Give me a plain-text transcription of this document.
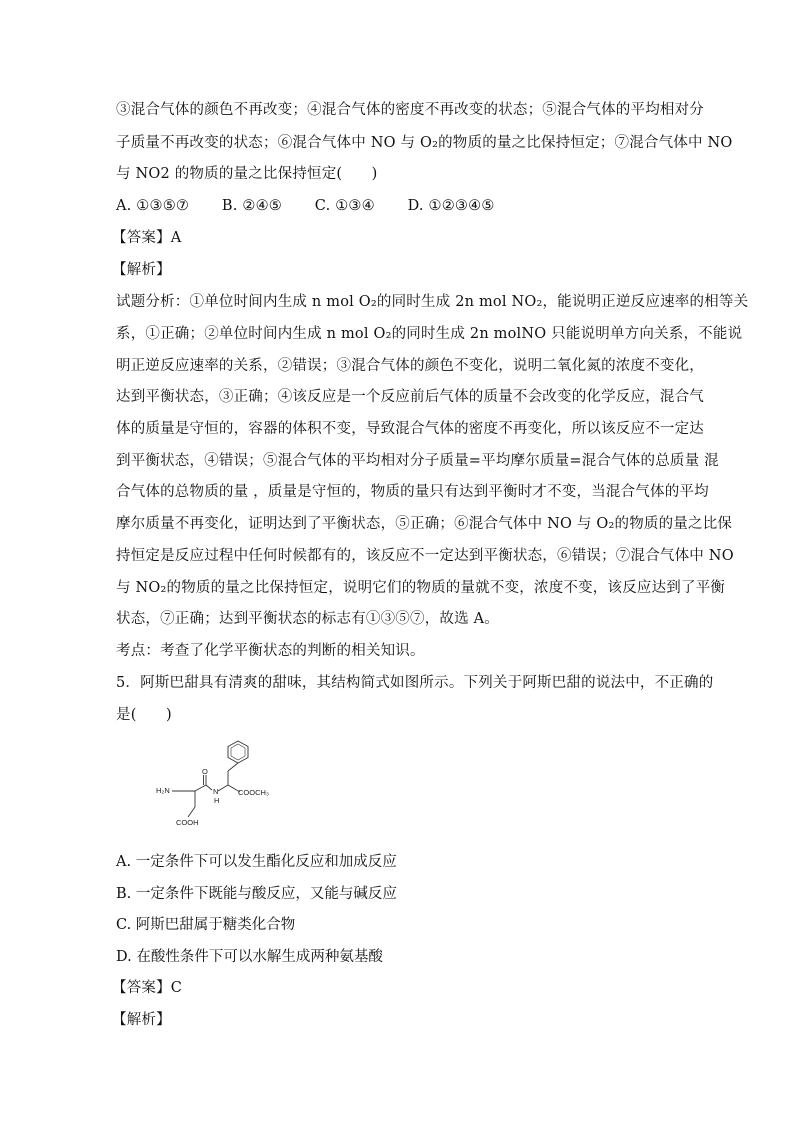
③混合气体的颜色不再改变；④混合气体的密度不再改变的状态；⑤混合气体的平均相对分
子质量不再改变的状态；⑥混合气体中 NO 与 O₂的物质的量之比保持恒定；⑦混合气体中 NO
与 NO2 的物质的量之比保持恒定(　　)
A. ①③⑤⑦ B. ②④⑤ C. ①③④ D. ①②③④⑤
【答案】A
【解析】
试题分析：①单位时间内生成 n mol O₂的同时生成 2n mol NO₂，能说明正逆反应速率的相等关
系，①正确；②单位时间内生成 n mol O₂的同时生成 2n molNO 只能说明单方向关系，不能说
明正逆反应速率的关系，②错误；③混合气体的颜色不变化，说明二氧化氮的浓度不变化，
达到平衡状态，③正确；④该反应是一个反应前后气体的质量不会改变的化学反应，混合气
体的质量是守恒的，容器的体积不变，导致混合气体的密度不再变化，所以该反应不一定达
到平衡状态，④错误；⑤混合气体的平均相对分子质量=平均摩尔质量=混合气体的总质量 混
合气体的总物质的量 ，质量是守恒的，物质的量只有达到平衡时才不变，当混合气体的平均
摩尔质量不再变化，证明达到了平衡状态，⑤正确；⑥混合气体中 NO 与 O₂的物质的量之比保
持恒定是反应过程中任何时候都有的，该反应不一定达到平衡状态，⑥错误；⑦混合气体中 NO
与 NO₂的物质的量之比保持恒定，说明它们的物质的量就不变，浓度不变，该反应达到了平衡
状态，⑦正确；达到平衡状态的标志有①③⑤⑦，故选 A。
考点：考查了化学平衡状态的判断的相关知识。
5．阿斯巴甜具有清爽的甜味，其结构简式如图所示。下列关于阿斯巴甜的说法中，不正确的
是(　　)
H₂N
O
N
H
COOCH₃
COOH
A. 一定条件下可以发生酯化反应和加成反应
B. 一定条件下既能与酸反应，又能与碱反应
C. 阿斯巴甜属于糖类化合物
D. 在酸性条件下可以水解生成两种氨基酸
【答案】C
【解析】
